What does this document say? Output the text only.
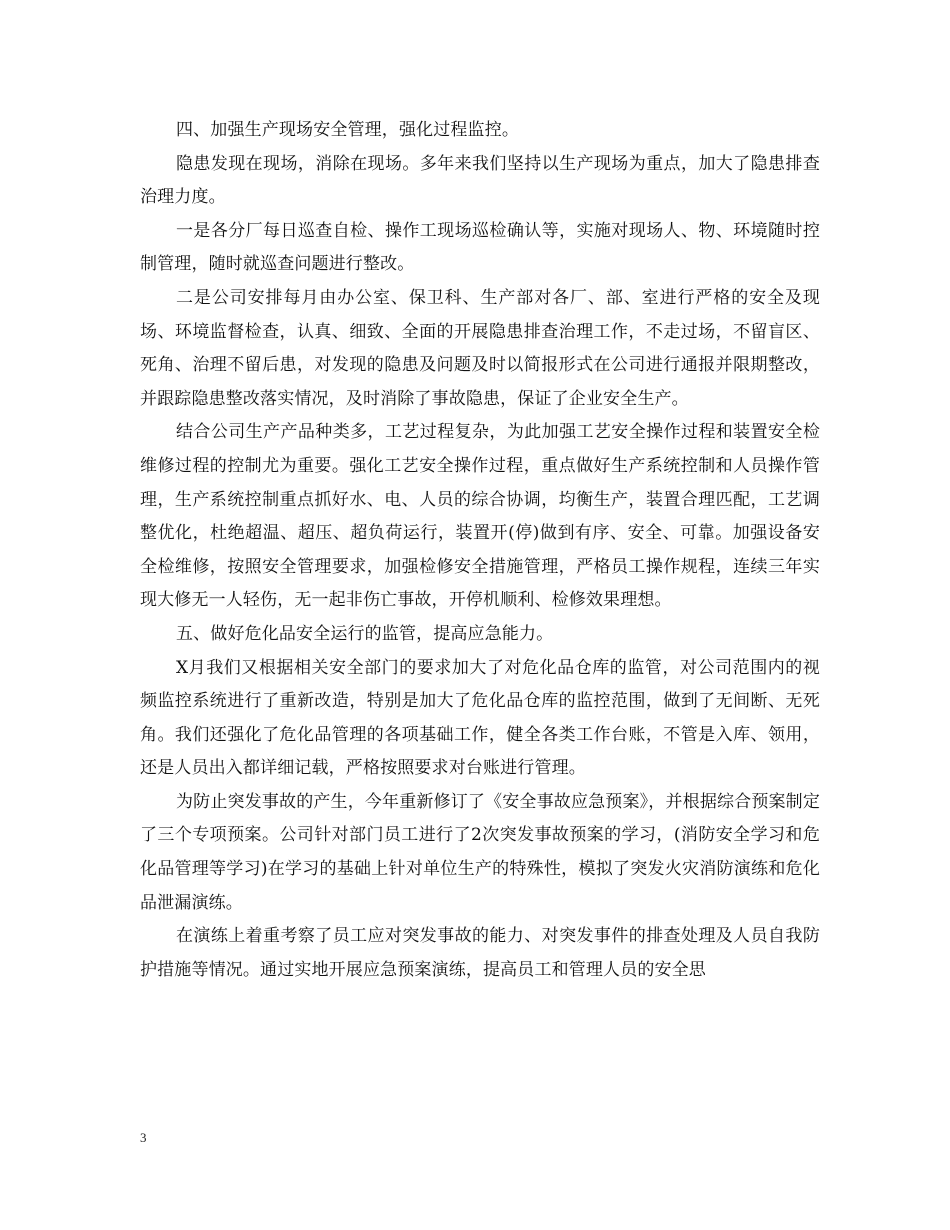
四、加强生产现场安全管理，强化过程监控。

隐患发现在现场，消除在现场。多年来我们坚持以生产现场为重点，加大了隐患排查治理力度。

一是各分厂每日巡查自检、操作工现场巡检确认等，实施对现场人、物、环境随时控制管理，随时就巡查问题进行整改。

二是公司安排每月由办公室、保卫科、生产部对各厂、部、室进行严格的安全及现场、环境监督检查，认真、细致、全面的开展隐患排查治理工作，不走过场，不留盲区、死角、治理不留后患，对发现的隐患及问题及时以简报形式在公司进行通报并限期整改，并跟踪隐患整改落实情况，及时消除了事故隐患，保证了企业安全生产。

结合公司生产产品种类多，工艺过程复杂，为此加强工艺安全操作过程和装置安全检维修过程的控制尤为重要。强化工艺安全操作过程，重点做好生产系统控制和人员操作管理，生产系统控制重点抓好水、电、人员的综合协调，均衡生产，装置合理匹配，工艺调整优化，杜绝超温、超压、超负荷运行，装置开(停)做到有序、安全、可靠。加强设备安全检维修，按照安全管理要求，加强检修安全措施管理，严格员工操作规程，连续三年实现大修无一人轻伤，无一起非伤亡事故，开停机顺利、检修效果理想。

五、做好危化品安全运行的监管，提高应急能力。

X月我们又根据相关安全部门的要求加大了对危化品仓库的监管，对公司范围内的视频监控系统进行了重新改造，特别是加大了危化品仓库的监控范围，做到了无间断、无死角。我们还强化了危化品管理的各项基础工作，健全各类工作台账，不管是入库、领用，还是人员出入都详细记载，严格按照要求对台账进行管理。

为防止突发事故的产生，今年重新修订了《安全事故应急预案》，并根据综合预案制定了三个专项预案。公司针对部门员工进行了2次突发事故预案的学习，(消防安全学习和危化品管理等学习)在学习的基础上针对单位生产的特殊性，模拟了突发火灾消防演练和危化品泄漏演练。

在演练上着重考察了员工应对突发事故的能力、对突发事件的排查处理及人员自我防护措施等情况。通过实地开展应急预案演练，提高员工和管理人员的安全思

3
